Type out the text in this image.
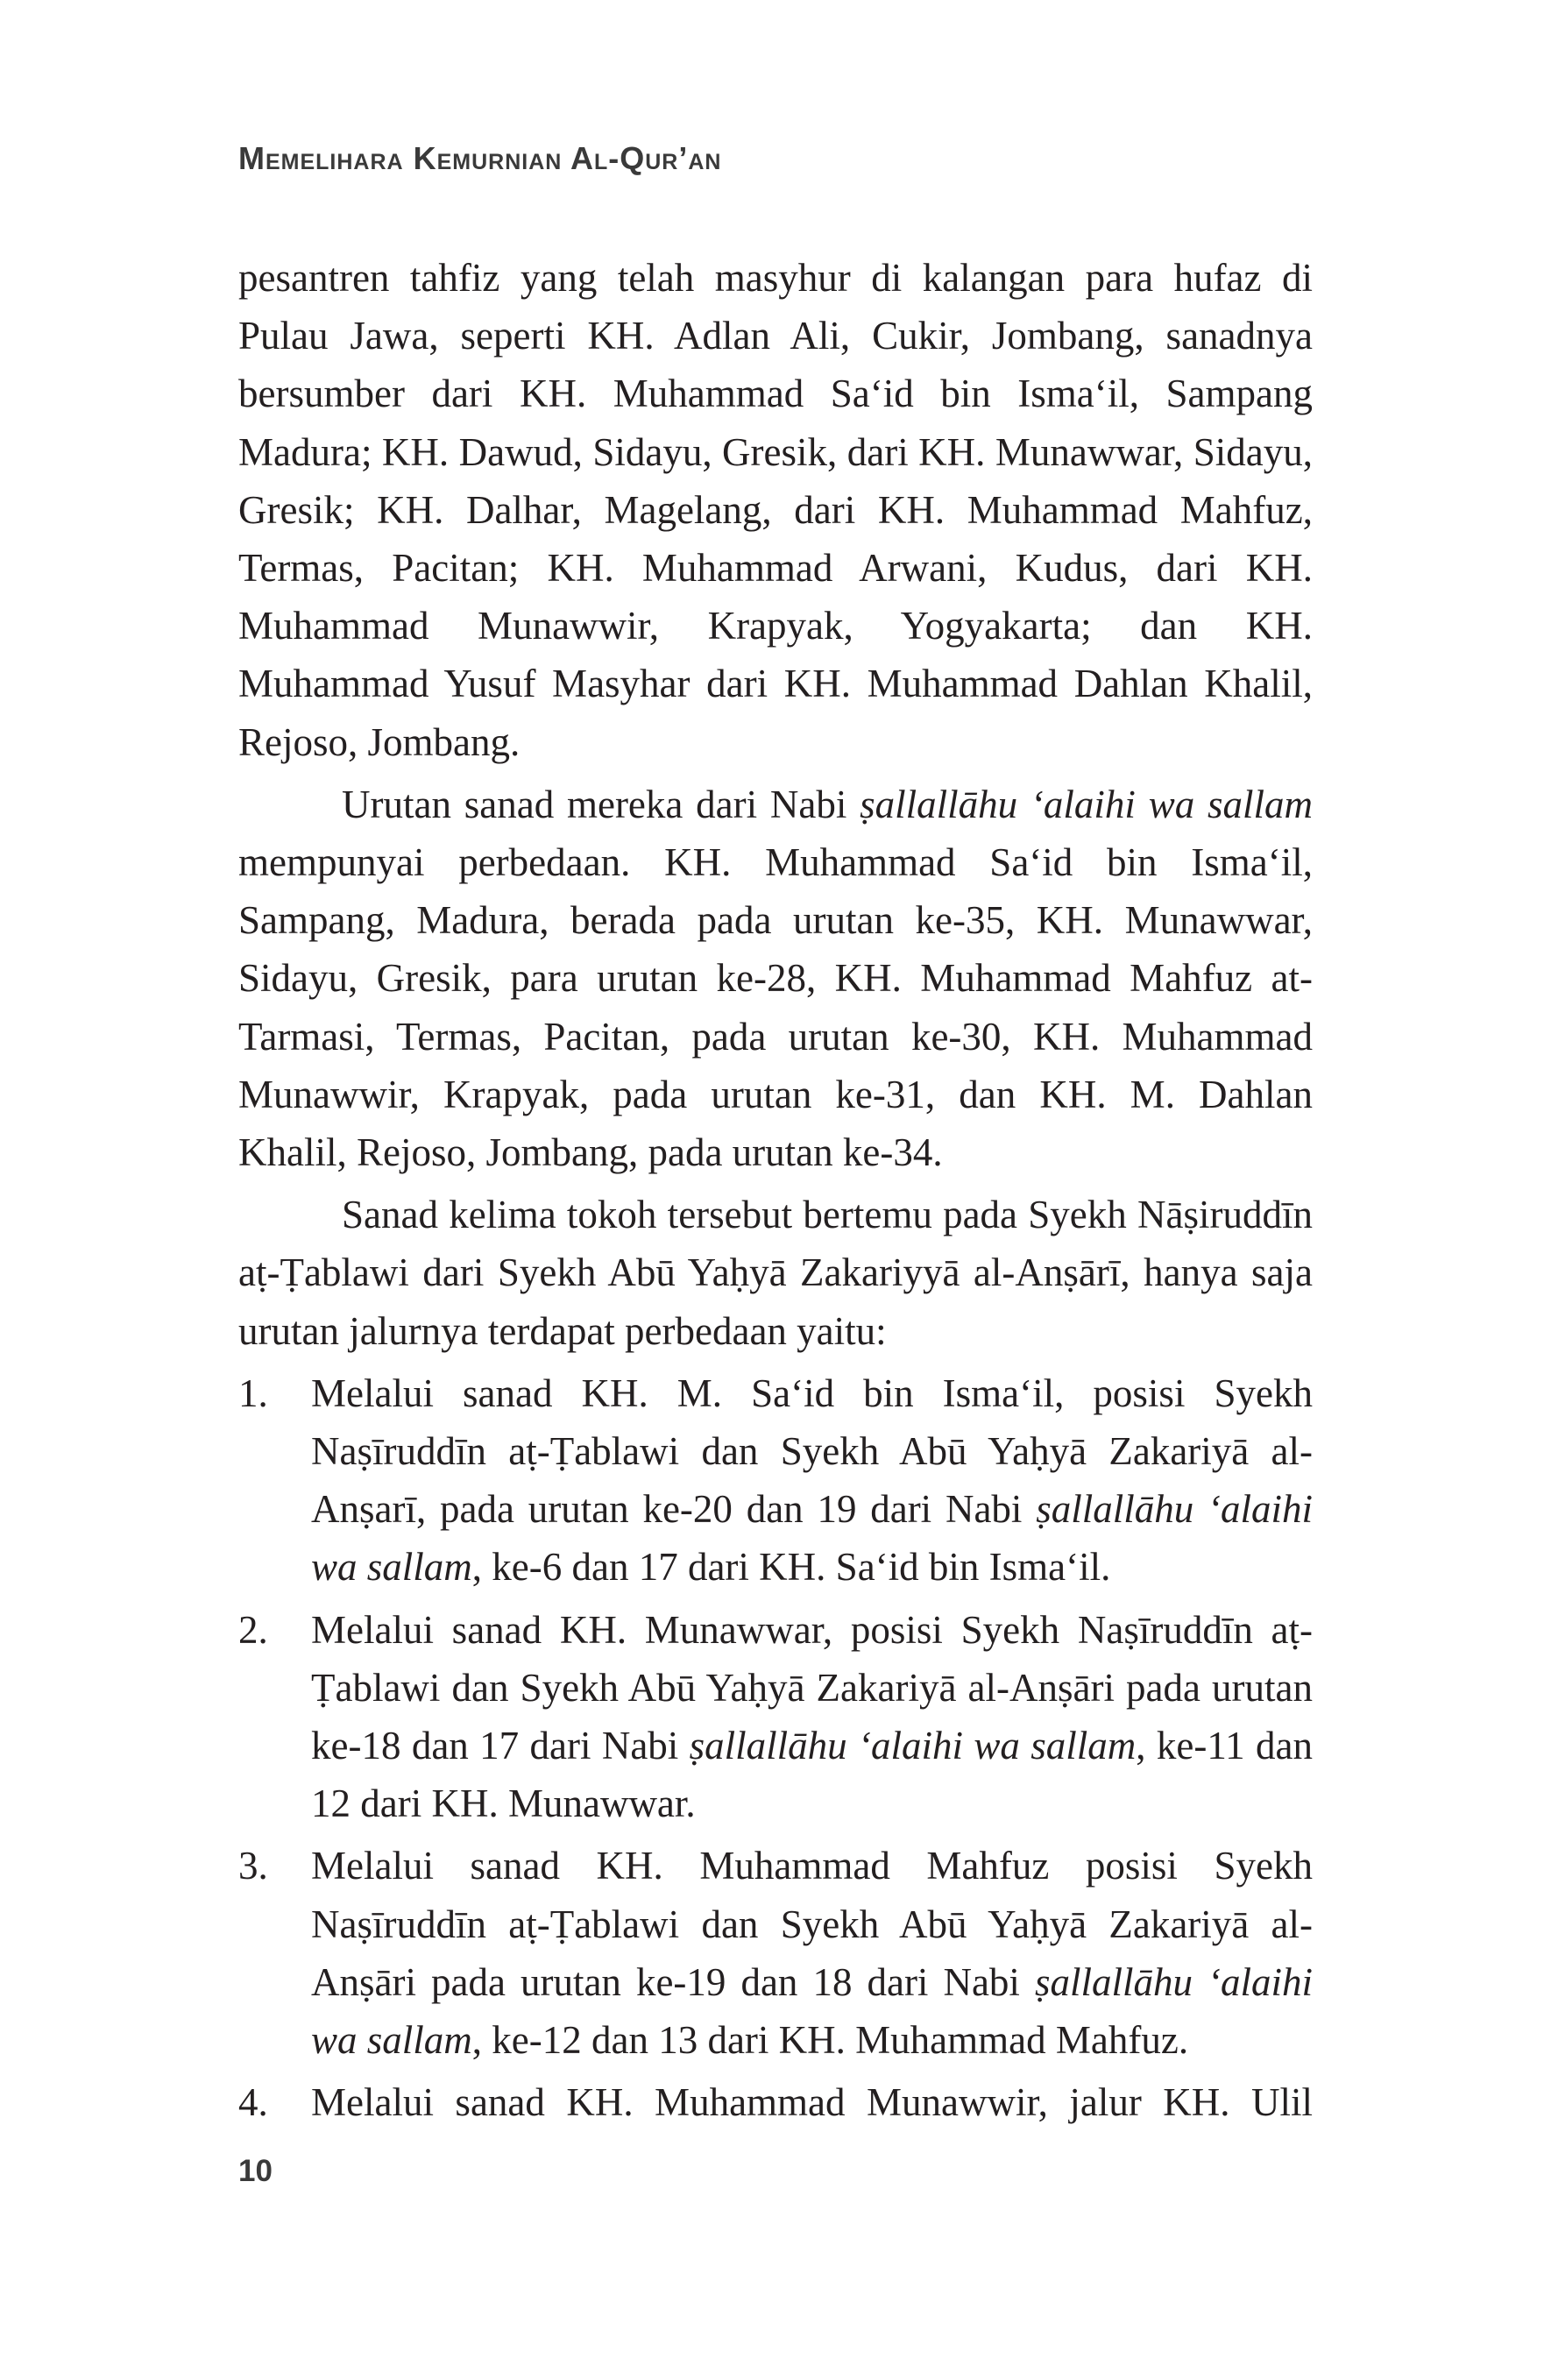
Memelihara Kemurnian Al-Qur’an

pesantren tahfiz yang telah masyhur di kalangan para hufaz di Pulau Jawa, seperti KH. Adlan Ali, Cukir, Jombang, sanadnya bersumber dari KH. Muhammad Sa‘id bin Isma‘il, Sampang Madura; KH. Dawud, Sidayu, Gresik, dari KH. Munawwar, Sidayu, Gresik; KH. Dalhar, Magelang, dari KH. Muhammad Mahfuz, Termas, Pacitan; KH. Muhammad Arwani, Kudus, dari KH. Muhammad Munawwir, Krapyak, Yogyakarta; dan KH. Muhammad Yusuf Masyhar dari KH. Muhammad Dahlan Khalil, Rejoso, Jombang.

Urutan sanad mereka dari Nabi ṣallallāhu ‘alaihi wa sallam mempunyai perbedaan. KH. Muhammad Sa‘id bin Isma‘il, Sampang, Madura, berada pada urutan ke-35, KH. Munawwar, Sidayu, Gresik, para urutan ke-28, KH. Muhammad Mahfuz at-Tarmasi, Termas, Pacitan, pada urutan ke-30, KH. Muhammad Munawwir, Krapyak, pada urutan ke-31, dan KH. M. Dahlan Khalil, Rejoso, Jombang, pada urutan ke-34.

Sanad kelima tokoh tersebut bertemu pada Syekh Nāṣiruddīn aṭ-Ṭablawi dari Syekh Abū Yaḥyā Zakariyyā al-Anṣārī, hanya saja urutan jalurnya terdapat perbedaan yaitu:

1. Melalui sanad KH. M. Sa‘id bin Isma‘il, posisi Syekh Naṣīruddīn aṭ-Ṭablawi dan Syekh Abū Yaḥyā Zakariyā al-Anṣarī, pada urutan ke-20 dan 19 dari Nabi ṣallallāhu ‘alaihi wa sallam, ke-6 dan 17 dari KH. Sa‘id bin Isma‘il.
2. Melalui sanad KH. Munawwar, posisi Syekh Naṣīruddīn aṭ-Ṭablawi dan Syekh Abū Yaḥyā Zakariyā al-Anṣāri pada urutan ke-18 dan 17 dari Nabi ṣallallāhu ‘alaihi wa sallam, ke-11 dan 12 dari KH. Munawwar.
3. Melalui sanad KH. Muhammad Mahfuz posisi Syekh Naṣīruddīn aṭ-Ṭablawi dan Syekh Abū Yaḥyā Zakariyā al-Anṣāri pada urutan ke-19 dan 18 dari Nabi ṣallallāhu ‘alaihi wa sallam, ke-12 dan 13 dari KH. Muhammad Mahfuz.
4. Melalui sanad KH. Muhammad Munawwir, jalur KH. Ulil
10
